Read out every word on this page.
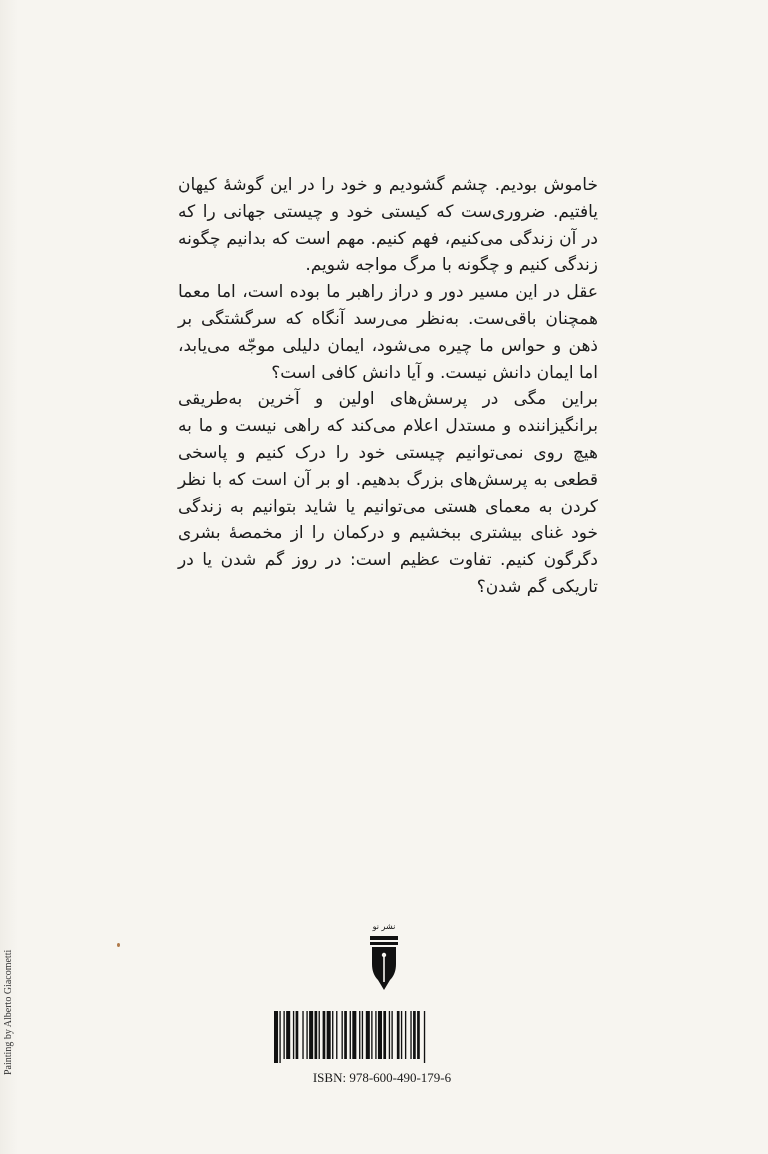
خاموش بودیم. چشم گشودیم و خود را در این گوشهٔ کیهان یافتیم. ضروری‌ست که کیستی خود و چیستی جهانی را که در آن زندگی می‌کنیم، فهم کنیم. مهم است که بدانیم چگونه زندگی کنیم و چگونه با مرگ مواجه شویم.

عقل در این مسیر دور و دراز راهبر ما بوده است، اما معما همچنان باقی‌ست. به‌نظر می‌رسد آنگاه که سرگشتگی بر ذهن و حواس ما چیره می‌شود، ایمان دلیلی موجّه می‌یابد، اما ایمان دانش نیست. و آیا دانش کافی است؟

براین مگی در پرسش‌های اولین و آخرین به‌طریقی برانگیزاننده و مستدل اعلام می‌کند که راهی نیست و ما به هیچ روی نمی‌توانیم چیستی خود را درک کنیم و پاسخی قطعی به پرسش‌های بزرگ بدهیم. او بر آن است که با نظر کردن به معمای هستی می‌توانیم یا شاید بتوانیم به زندگی خود غنای بیشتری ببخشیم و درکمان را از مخمصهٔ بشری دگرگون کنیم. تفاوت عظیم است: در روز گم شدن یا در تاریکی گم شدن؟

Painting by Alberto Giacometti
نشر نو
ISBN: 978-600-490-179-6
